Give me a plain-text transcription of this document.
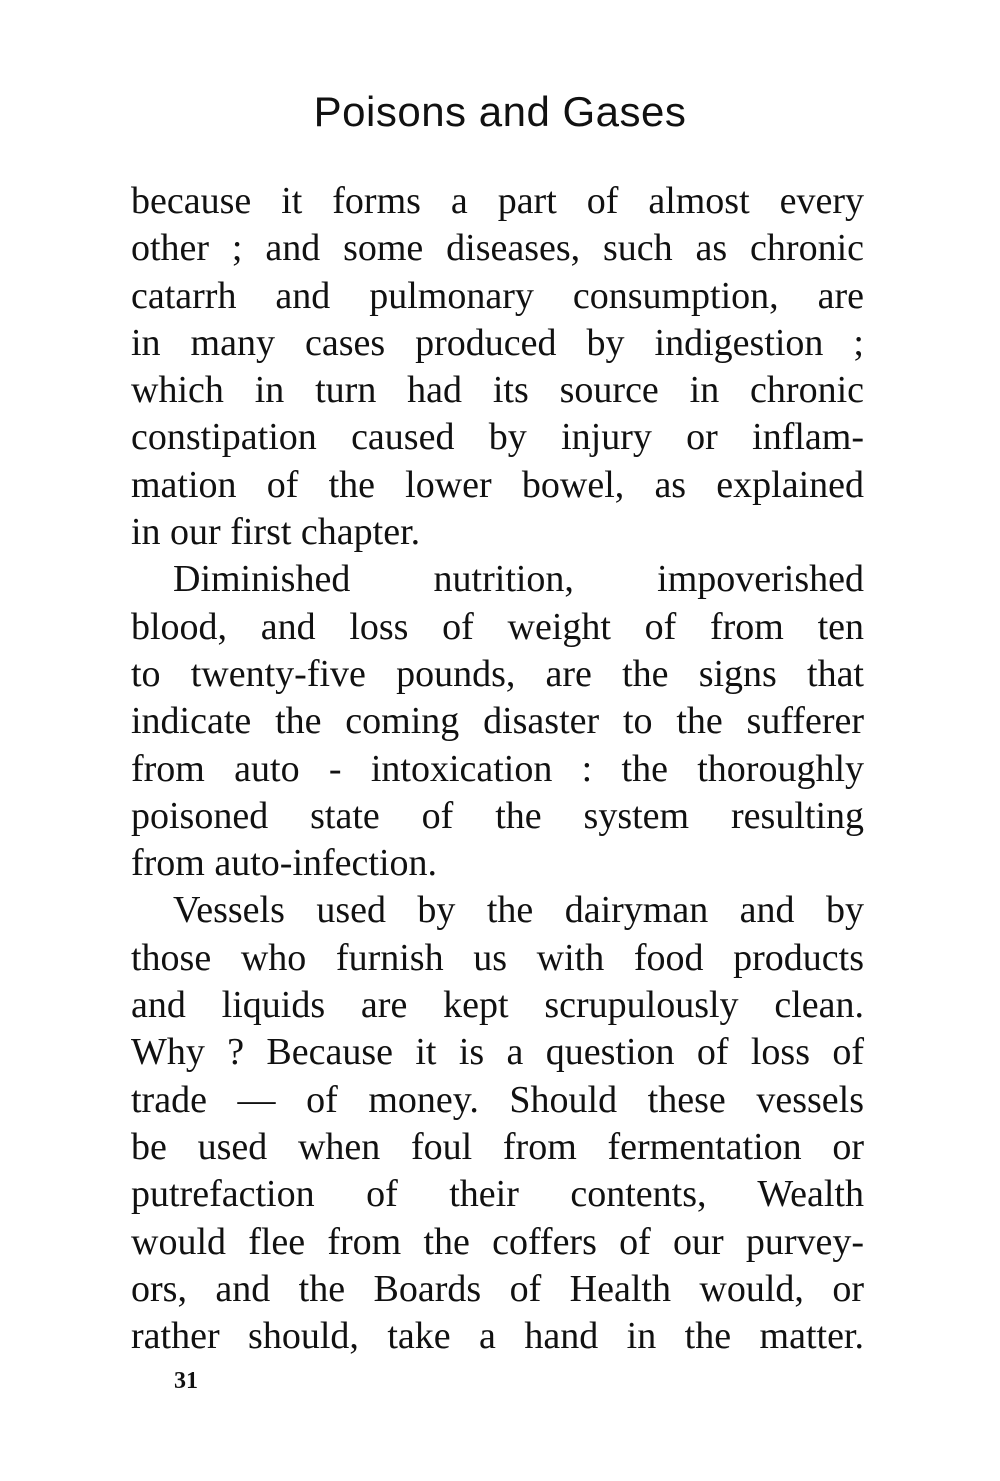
Poisons and Gases
because it forms a part of almost every
other ; and some diseases, such as chronic
catarrh and pulmonary consumption, are
in many cases produced by indigestion ;
which in turn had its source in chronic
constipation caused by injury or inflam-
mation of the lower bowel, as explained
in our first chapter.
Diminished nutrition, impoverished
blood, and loss of weight of from ten
to twenty-five pounds, are the signs that
indicate the coming disaster to the sufferer
from auto - intoxication : the thoroughly
poisoned state of the system resulting
from auto-infection.
Vessels used by the dairyman and by
those who furnish us with food products
and liquids are kept scrupulously clean.
Why ? Because it is a question of loss of
trade — of money. Should these vessels
be used when foul from fermentation or
putrefaction of their contents, Wealth
would flee from the coffers of our purvey-
ors, and the Boards of Health would, or
rather should, take a hand in the matter.
31
